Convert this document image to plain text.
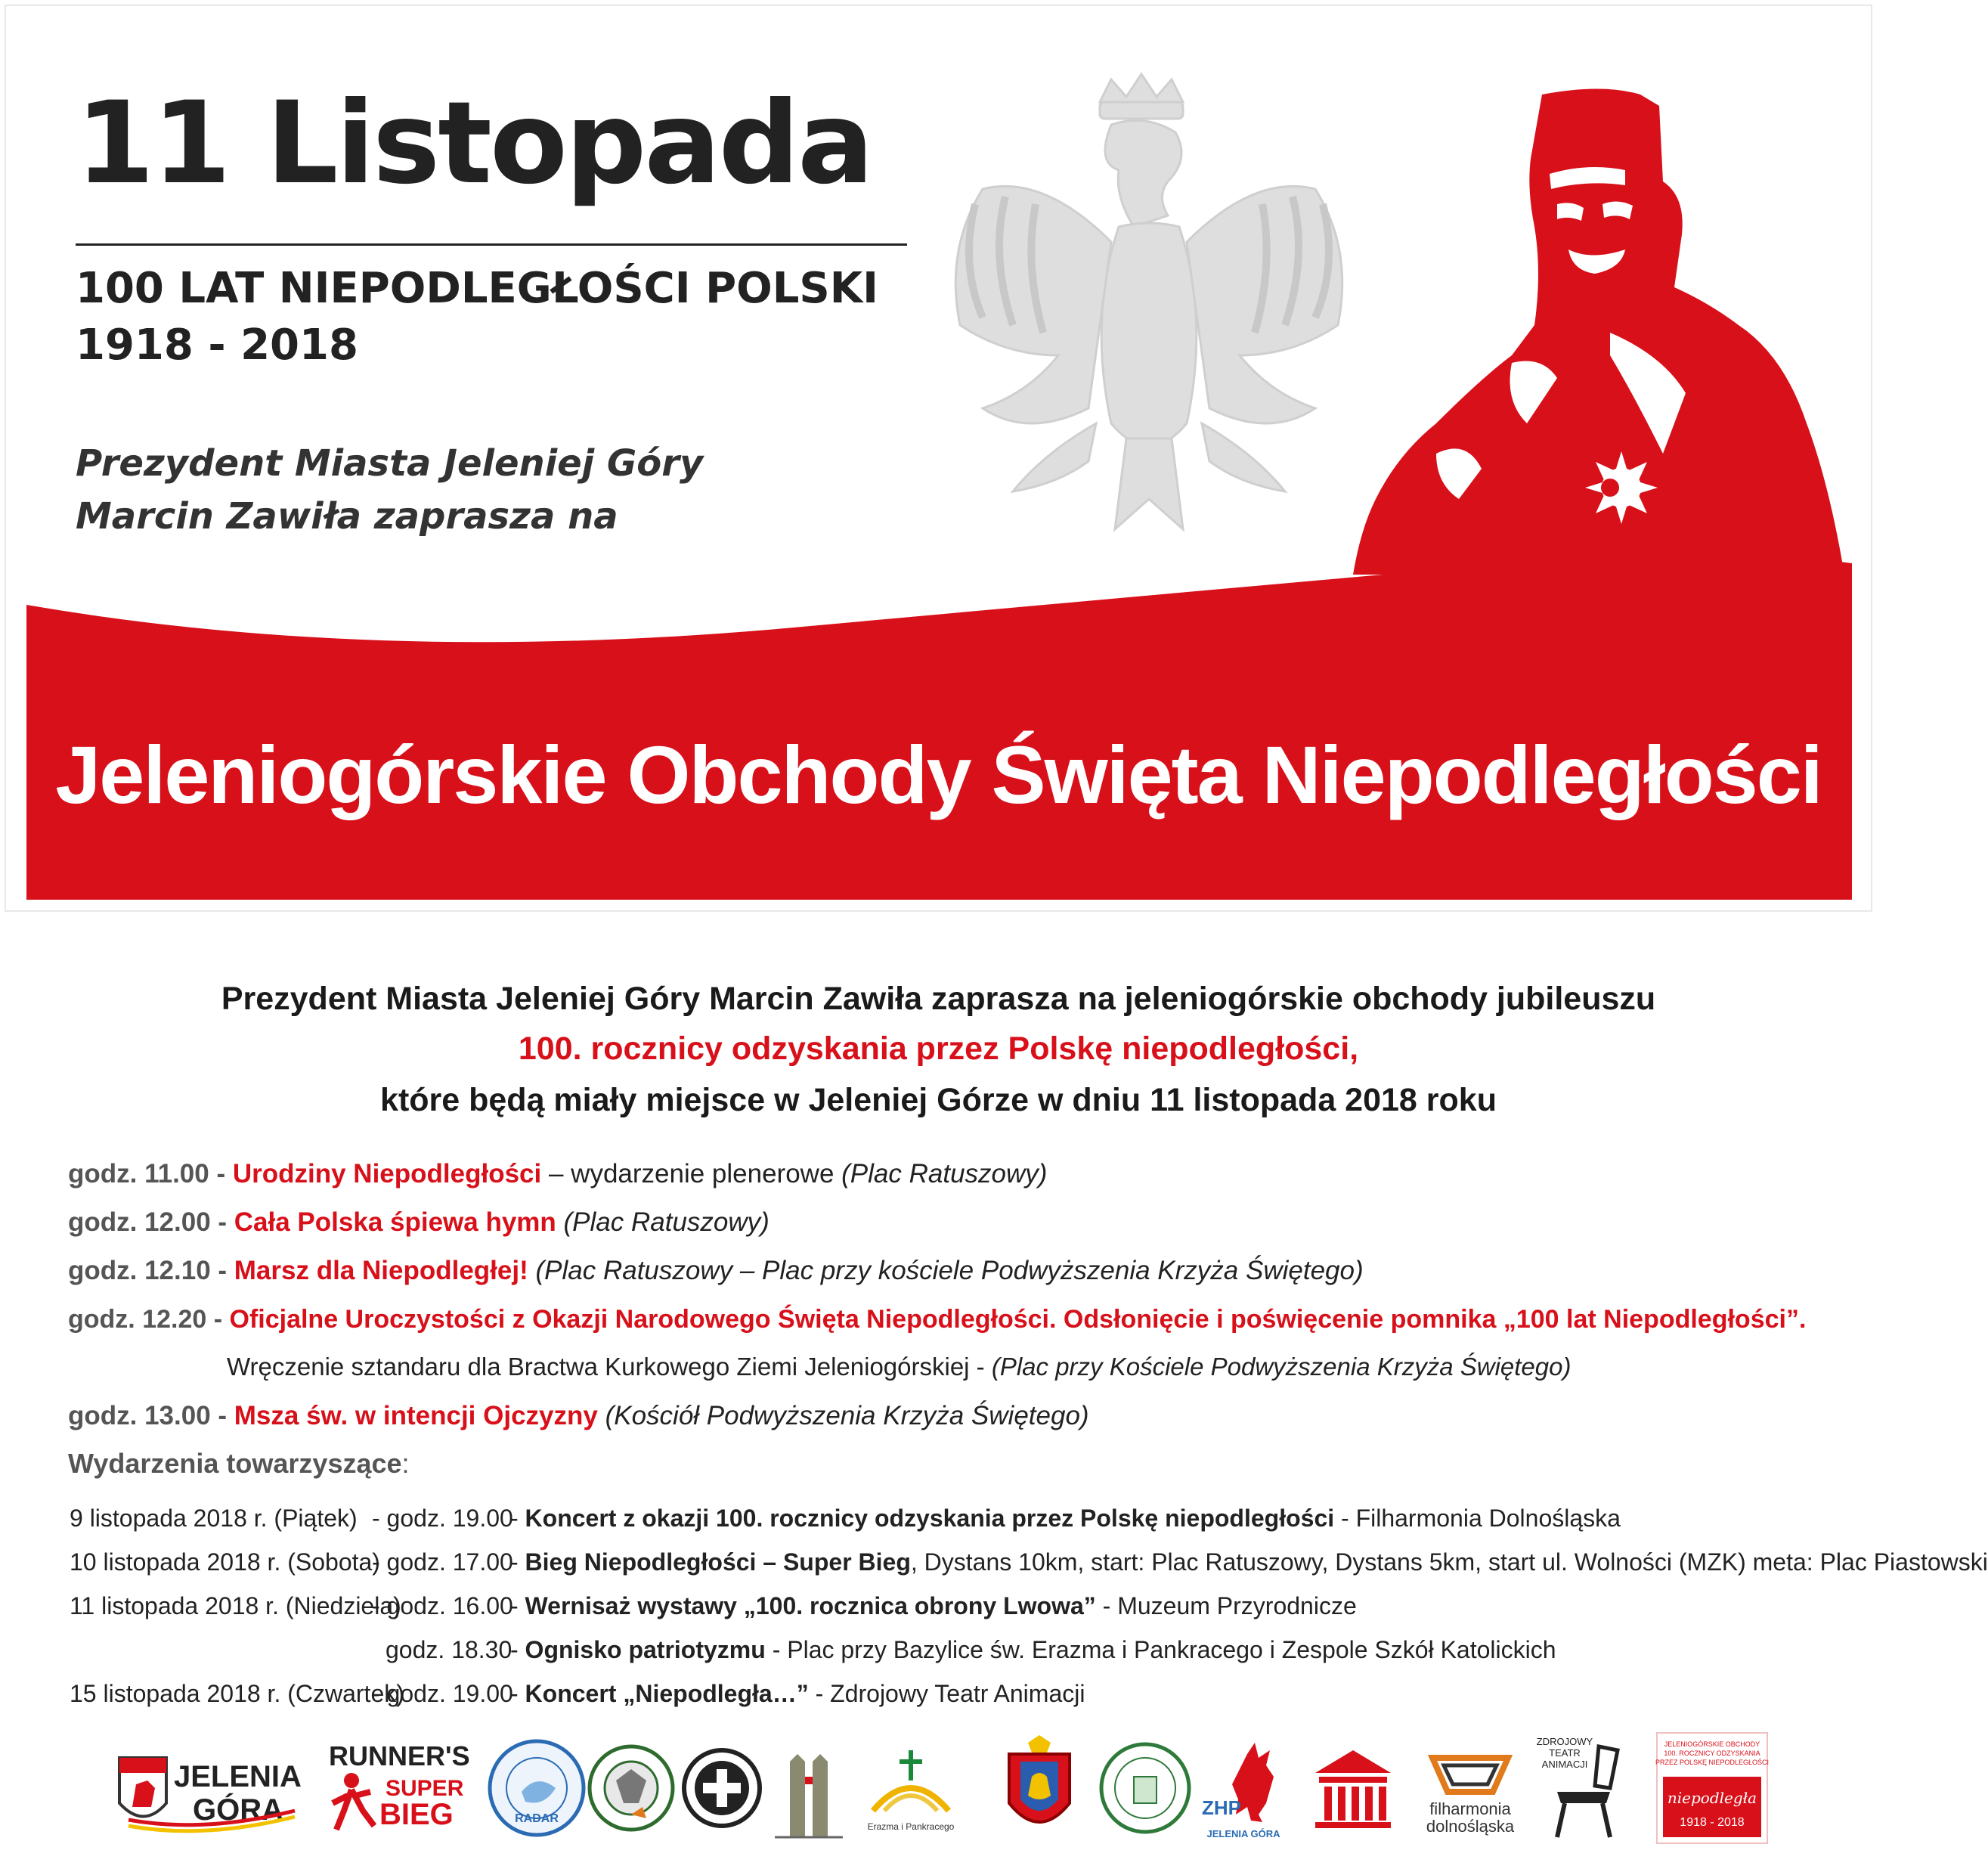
11 Listopada
100 LAT NIEPODLEGŁOŚCI POLSKI
1918 - 2018
Prezydent Miasta Jeleniej Góry
Marcin Zawiła zaprasza na
Jeleniogórskie Obchody Święta Niepodległości
Prezydent Miasta Jeleniej Góry Marcin Zawiła zaprasza na jeleniogórskie obchody jubileuszu
100. rocznicy odzyskania przez Polskę niepodległości,
które będą miały miejsce w Jeleniej Górze w dniu 11 listopada 2018 roku
godz. 11.00 - Urodziny Niepodległości – wydarzenie plenerowe (Plac Ratuszowy)
godz. 12.00 - Cała Polska śpiewa hymn (Plac Ratuszowy)
godz. 12.10 - Marsz dla Niepodległej! (Plac Ratuszowy – Plac przy kościele Podwyższenia Krzyża Świętego)
godz. 12.20 - Oficjalne Uroczystości z Okazji Narodowego Święta Niepodległości. Odsłonięcie i poświęcenie pomnika „100 lat Niepodległości”.
Wręczenie sztandaru dla Bractwa Kurkowego Ziemi Jeleniogórskiej - (Plac przy Kościele Podwyższenia Krzyża Świętego)
godz. 13.00 - Msza św. w intencji Ojczyzny (Kościół Podwyższenia Krzyża Świętego)
Wydarzenia towarzyszące:
9 listopada 2018 r. (Piątek) - godz. 19.00
- Koncert z okazji 100. rocznicy odzyskania przez Polskę niepodległości - Filharmonia Dolnośląska
10 listopada 2018 r. (Sobota)
- godz. 17.00
- Bieg Niepodległości – Super Bieg, Dystans 10km, start: Plac Ratuszowy, Dystans 5km, start ul. Wolności (MZK) meta: Plac Piastowski
11 listopada 2018 r. (Niedziela)
- godz. 16.00
- Wernisaż wystawy „100. rocznica obrony Lwowa” - Muzeum Przyrodnicze
godz. 18.30
- Ognisko patriotyzmu - Plac przy Bazylice św. Erazma i Pankracego i Zespole Szkół Katolickich
15 listopada 2018 r. (Czwartek)
- godz. 19.00
- Koncert „Niepodległa…” - Zdrojowy Teatr Animacji
JELENIA
GÓRA
RUNNER'S
SUPER
BIEG	RADAR
Erazma i Pankracego
ZHP
JELENIA GÓRA
filharmonia
dolnośląska
ZDROJOWY
TEATR
ANIMACJI
JELENIOGÓRSKIE OBCHODY
100. ROCZNICY ODZYSKANIA
PRZEZ POLSKĘ NIEPODLEGŁOŚCI
niepodległa
1918 - 2018
